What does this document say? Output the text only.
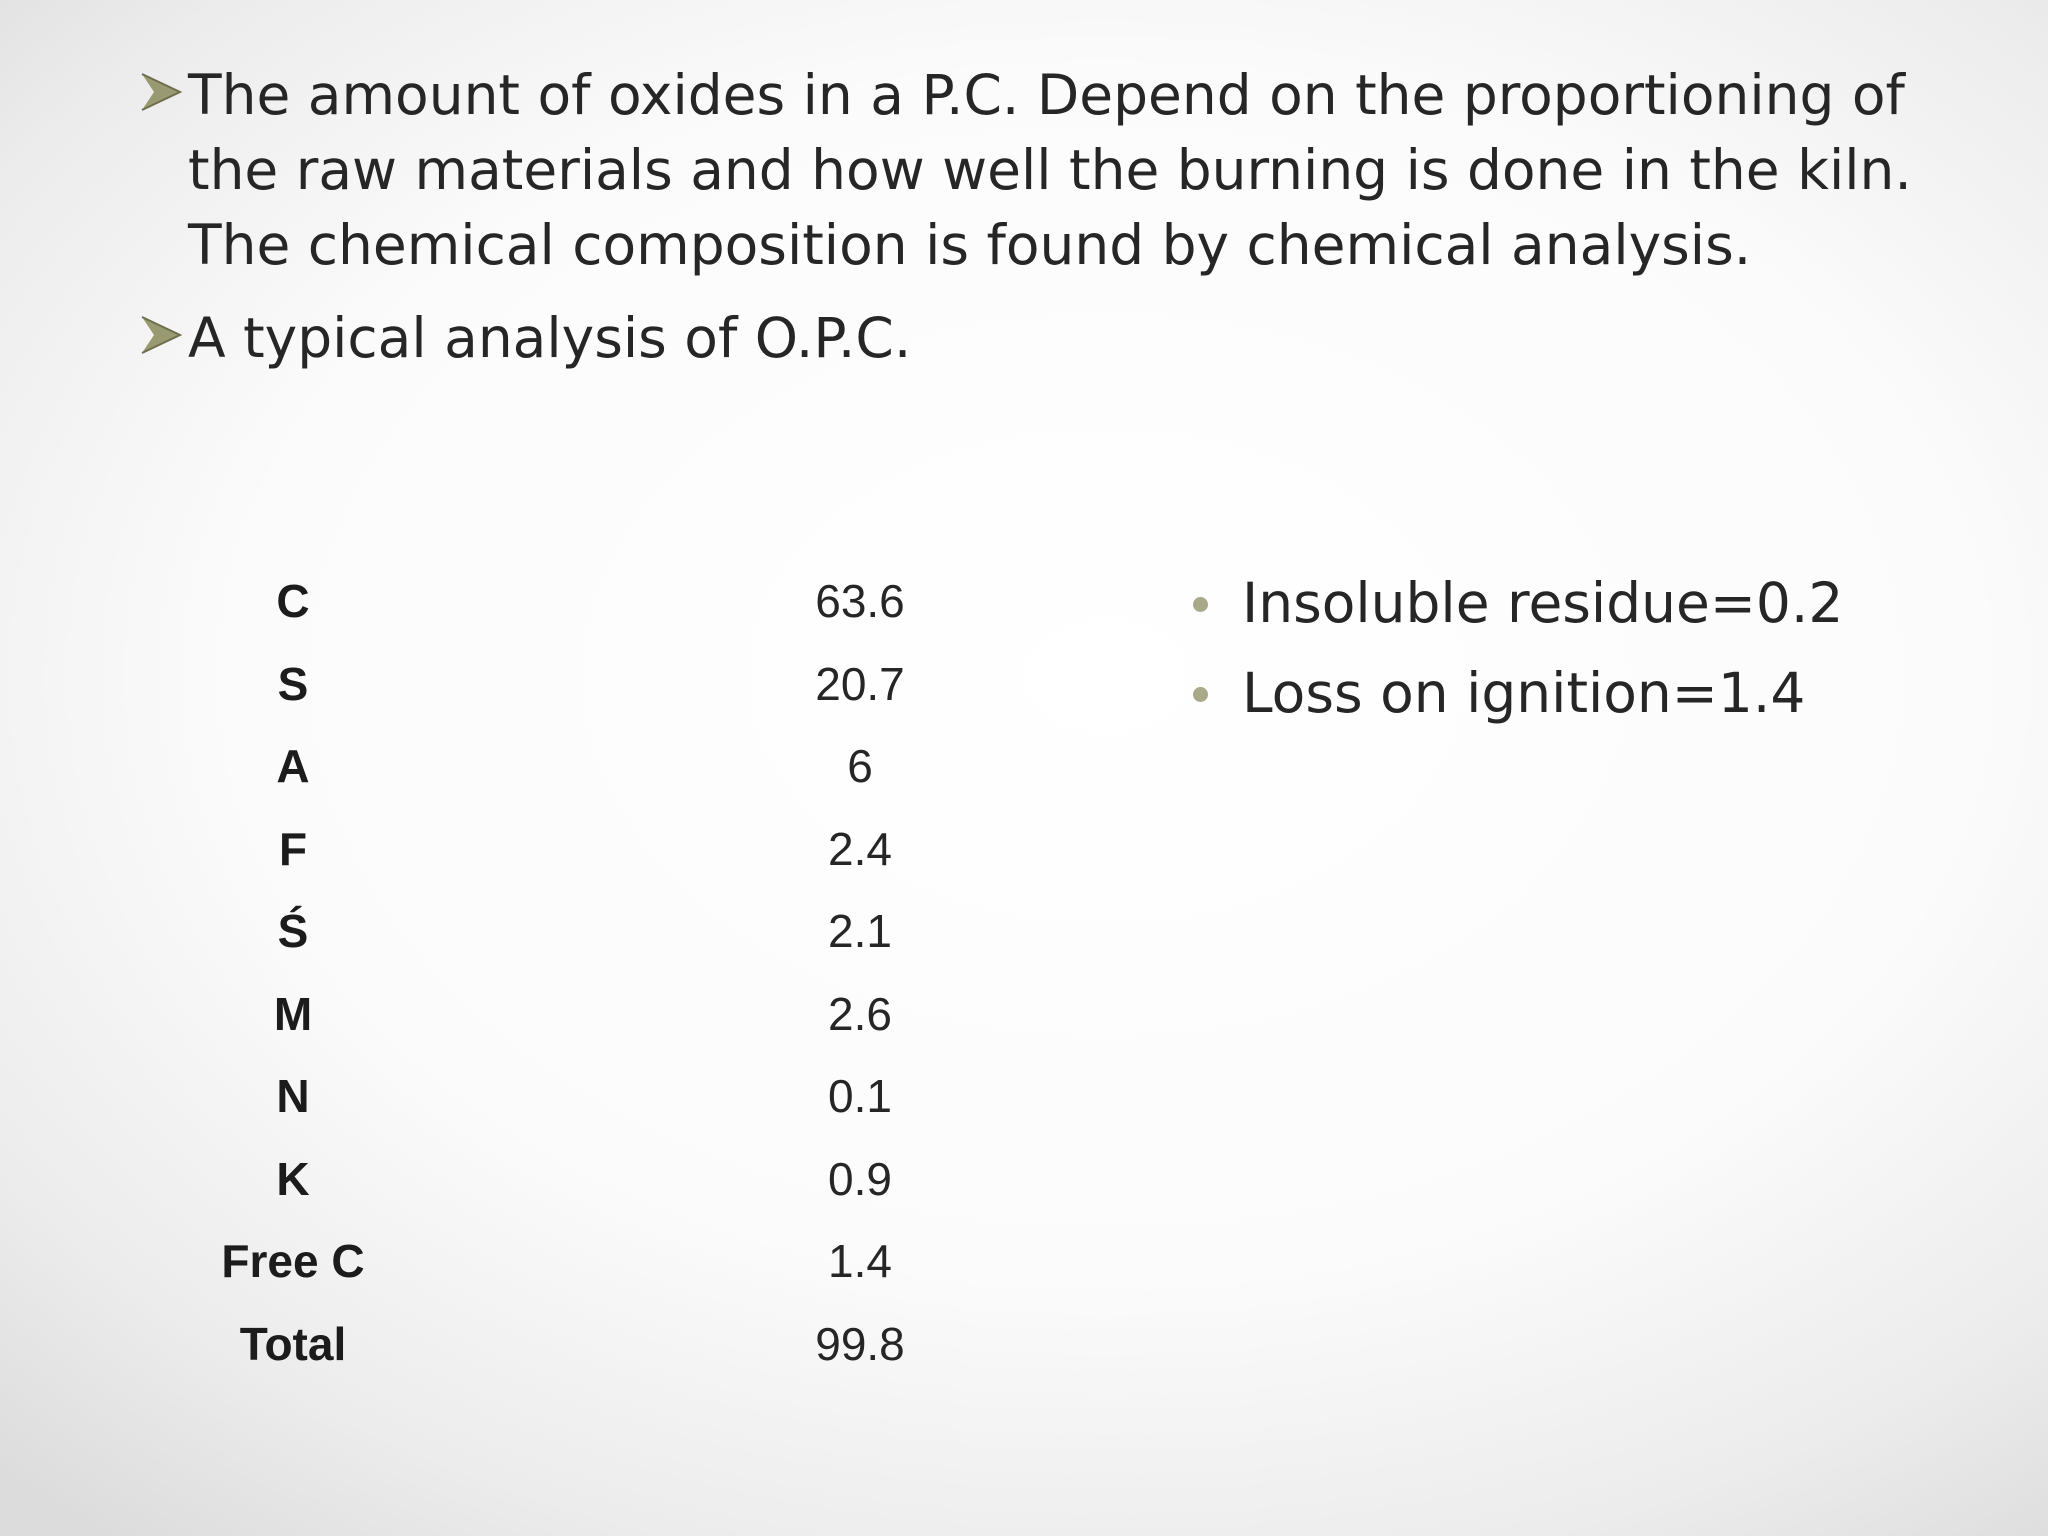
The amount of oxides in a P.C. Depend on the proportioning of the raw materials and how well the burning is done in the kiln. The chemical composition is found by chemical analysis.

A typical analysis of O.P.C.

C	63.6
S	20.7
A	6
F	2.4
Ś	2.1
M	2.6
N	0.1
K	0.9
Free C	1.4
Total	99.8
Insoluble residue=0.2
Loss on ignition=1.4
